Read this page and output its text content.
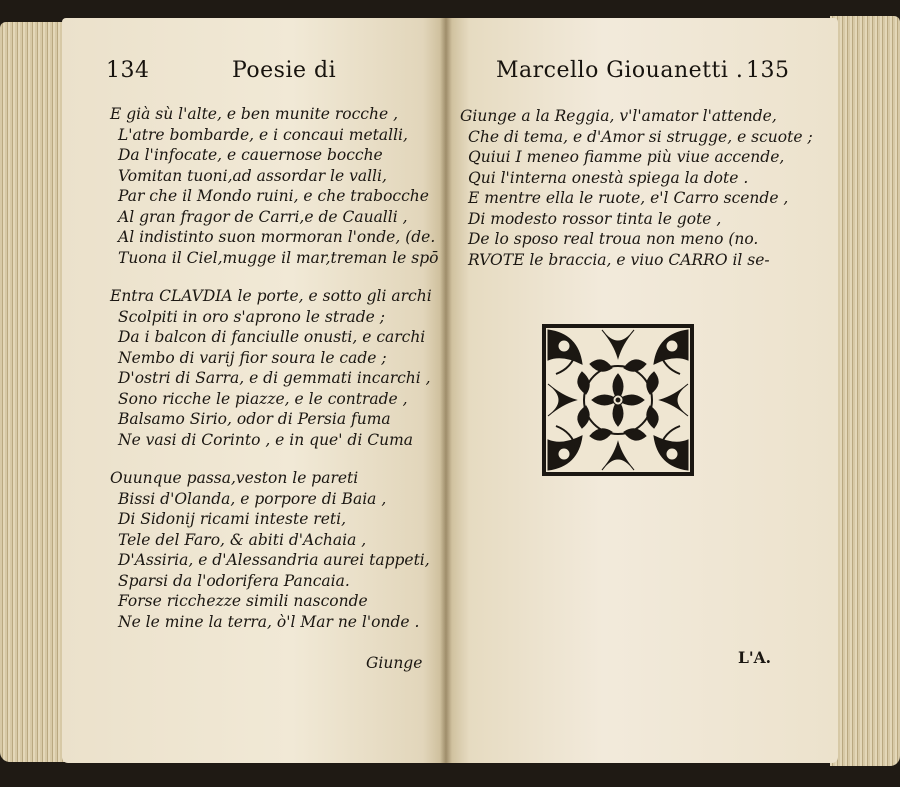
134	Poesie di
E già sù l'alte, e ben munite rocche ,
L'atre bombarde, e i concaui metalli,
Da l'infocate, e cauernose bocche
Vomitan tuoni,ad assordar le valli,
Par che il Mondo ruini, e che trabocche
Al gran fragor de Carri,e de Caualli ,
Al indistinto suon mormoran l'onde, (de.
Tuona il Ciel,mugge il mar,treman le spō
Entra CLAVDIA le porte, e sotto gli archi
Scolpiti in oro s'aprono le strade ;
Da i balcon di fanciulle onusti, e carchi
Nembo di varij fior soura le cade ;
D'ostri di Sarra, e di gemmati incarchi ,
Sono ricche le piazze, e le contrade ,
Balsamo Sirio, odor di Persia fuma
Ne vasi di Corinto , e in que' di Cuma
Ouunque passa,veston le pareti
Bissi d'Olanda, e porpore di Baia ,
Di Sidonij ricami inteste reti,
Tele del Faro, & abiti d'Achaia ,
D'Assiria, e d'Alessandria aurei tappeti,
Sparsi da l'odorifera Pancaia.
Forse ricchezze simili nasconde
Ne le mine la terra, ò'l Mar ne l'onde .
Giunge
Marcello Giouanetti . 135
Giunge a la Reggia, v'l'amator l'attende,
Che di tema, e d'Amor si strugge, e scuote ;
Quiui I meneo fiamme più viue accende,
Qui l'interna onestà spiega la dote .
E mentre ella le ruote, e'l Carro scende ,
Di modesto rossor tinta le gote ,
De lo sposo real troua non meno (no.
RVOTE le braccia, e viuo CARRO il se-
L'A.
